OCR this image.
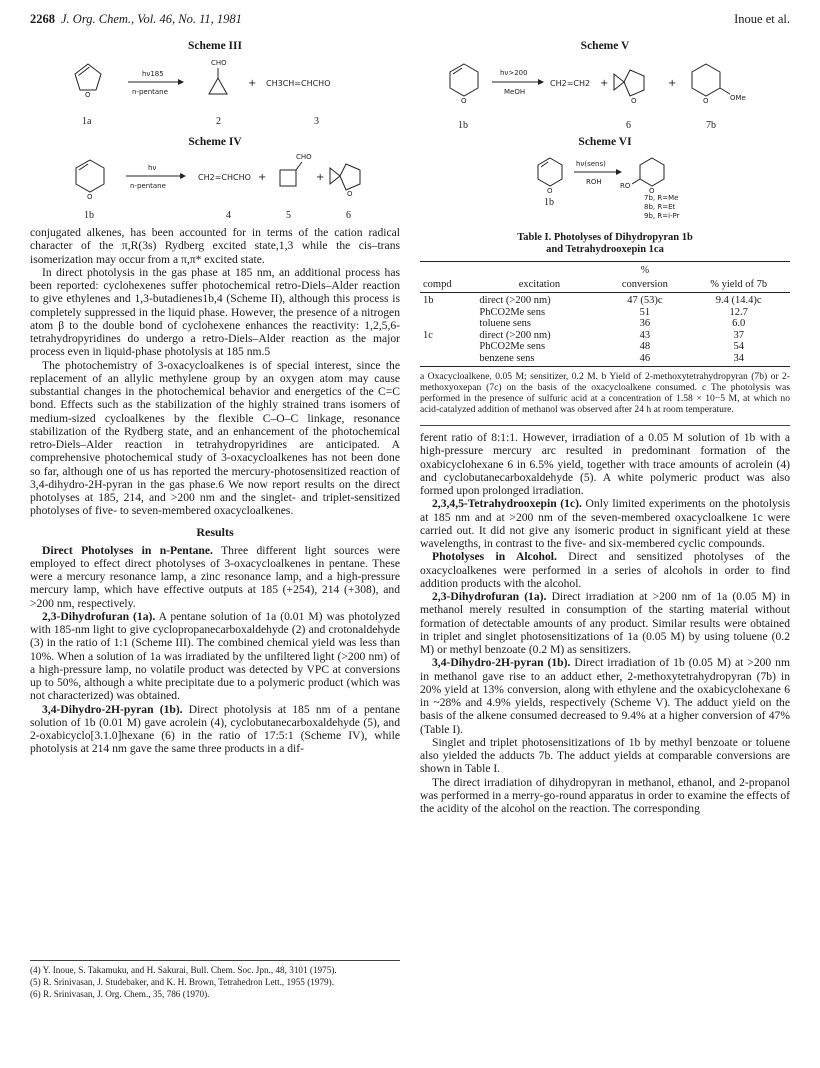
2268 J. Org. Chem., Vol. 46, No. 11, 1981	Inoue et al.
Scheme III
O
hν185
n-pentane
CHO
+ CH3CH=CHCHO
1a	2	3
Scheme IV
O
hν
n-pentane
CH2=CHCHO +
CHO
+
O
1b	4	5	6

conjugated alkenes, has been accounted for in terms of the cation radical character of the π,R(3s) Rydberg excited state,1,3 while the cis–trans isomerization may occur from a π,π* excited state.

In direct photolysis in the gas phase at 185 nm, an additional process has been reported: cyclohexenes suffer photochemical retro-Diels–Alder reaction to give ethylenes and 1,3-butadienes1b,4 (Scheme II), although this process is completely suppressed in the liquid phase. However, the presence of a nitrogen atom β to the double bond of cyclohexene enhances the reactivity: 1,2,5,6-tetrahydropyridines do undergo a retro-Diels–Alder reaction as the major process even in liquid-phase photolysis at 185 nm.5

The photochemistry of 3-oxacycloalkenes is of special interest, since the replacement of an allylic methylene group by an oxygen atom may cause substantial changes in the photochemical behavior and energetics of the C=C bond. Effects such as the stabilization of the highly strained trans isomers of medium-sized cycloalkenes by the flexible C–O–C linkage, resonance stabilization of the Rydberg state, and an enhancement of the photochemical retro-Diels–Alder reaction in tetrahydropyridines are anticipated. A comprehensive photochemical study of 3-oxacycloalkenes has not been done so far, although one of us has reported the mercury-photosensitized reaction of 3,4-dihydro-2H-pyran in the gas phase.6 We now report results on the direct photolyses at 185, 214, and >200 nm and the singlet- and triplet-sensitized photolyses of five- to seven-membered oxacycloalkenes.

Results

Direct Photolyses in n-Pentane. Three different light sources were employed to effect direct photolyses of 3-oxacycloalkenes in pentane. These were a mercury resonance lamp, a zinc resonance lamp, and a high-pressure mercury lamp, which have effective outputs at 185 (+254), 214 (+308), and >200 nm, respectively.

2,3-Dihydrofuran (1a). A pentane solution of 1a (0.01 M) was photolyzed with 185-nm light to give cyclopropanecarboxaldehyde (2) and crotonaldehyde (3) in the ratio of 1:1 (Scheme III). The combined chemical yield was less than 10%. When a solution of 1a was irradiated by the unfiltered light (>200 nm) of a high-pressure lamp, no volatile product was detected by VPC at conversions up to 50%, although a white precipitate due to a polymeric product (which was not characterized) was obtained.

3,4-Dihydro-2H-pyran (1b). Direct photolysis at 185 nm of a pentane solution of 1b (0.01 M) gave acrolein (4), cyclobutanecarboxaldehyde (5), and 2-oxabicyclo[3.1.0]hexane (6) in the ratio of 17:5:1 (Scheme IV), while photolysis at 214 nm gave the same three products in a dif-

(4) Y. Inoue, S. Takamuku, and H. Sakurai, Bull. Chem. Soc. Jpn., 48, 3101 (1975).

(5) R. Srinivasan, J. Studebaker, and K. H. Brown, Tetrahedron Lett., 1955 (1979).

(6) R. Srinivasan, J. Org. Chem., 35, 786 (1970).

Scheme V
O
hν>200
MeOH
CH2=CH2 +
O
+
O	OMe
1b	6	7b
Scheme VI
O
hν(sens)
ROH
O
RO
1b	7b, R=Me
8b, R=Et
9b, R=i-Pr
Table I. Photolyses of Dihydropyran 1b
and Tetrahydrooxepin 1ca
		%	
compd	excitation	conversion	% yield of 7b
1b	direct (>200 nm)	47 (53)c	9.4 (14.4)c
	PhCO2Me sens	51	12.7
	toluene sens	36	6.0
1c	direct (>200 nm)	43	37
	PhCO2Me sens	48	54
	benzene sens	46	34

a Oxacycloalkene, 0.05 M; sensitizer, 0.2 M. b Yield of 2-methoxytetrahydropyran (7b) or 2-methoxyoxepan (7c) on the basis of the oxacycloalkene consumed. c The photolysis was performed in the presence of sulfuric acid at a concentration of 1.58 × 10−5 M, at which no acid-catalyzed addition of methanol was observed after 24 h at room temperature.

ferent ratio of 8:1:1. However, irradiation of a 0.05 M solution of 1b with a high-pressure mercury arc resulted in predominant formation of the oxabicyclohexane 6 in 6.5% yield, together with trace amounts of acrolein (4) and cyclobutanecarboxaldehyde (5). A white polymeric product was also formed upon prolonged irradiation.

2,3,4,5-Tetrahydrooxepin (1c). Only limited experiments on the photolysis at 185 nm and at >200 nm of the seven-membered oxacycloalkene 1c were carried out. It did not give any isomeric product in significant yield at these wavelengths, in contrast to the five- and six-membered cyclic compounds.

Photolyses in Alcohol. Direct and sensitized photolyses of the oxacycloalkenes were performed in a series of alcohols in order to find addition products with the alcohol.

2,3-Dihydrofuran (1a). Direct irradiation at >200 nm of 1a (0.05 M) in methanol merely resulted in consumption of the starting material without formation of detectable amounts of any product. Similar results were obtained in triplet and singlet photosensitizations of 1a (0.05 M) by using toluene (0.2 M) or methyl benzoate (0.2 M) as sensitizers.

3,4-Dihydro-2H-pyran (1b). Direct irradiation of 1b (0.05 M) at >200 nm in methanol gave rise to an adduct ether, 2-methoxytetrahydropyran (7b) in 20% yield at 13% conversion, along with ethylene and the oxabicyclohexane 6 in ~28% and 4.9% yields, respectively (Scheme V). The adduct yield on the basis of the alkene consumed decreased to 9.4% at a higher conversion of 47% (Table I).

Singlet and triplet photosensitizations of 1b by methyl benzoate or toluene also yielded the adducts 7b. The adduct yields at comparable conversions are shown in Table I.

The direct irradiation of dihydropyran in methanol, ethanol, and 2-propanol was performed in a merry-go-round apparatus in order to examine the effects of the acidity of the alcohol on the reaction. The corresponding
